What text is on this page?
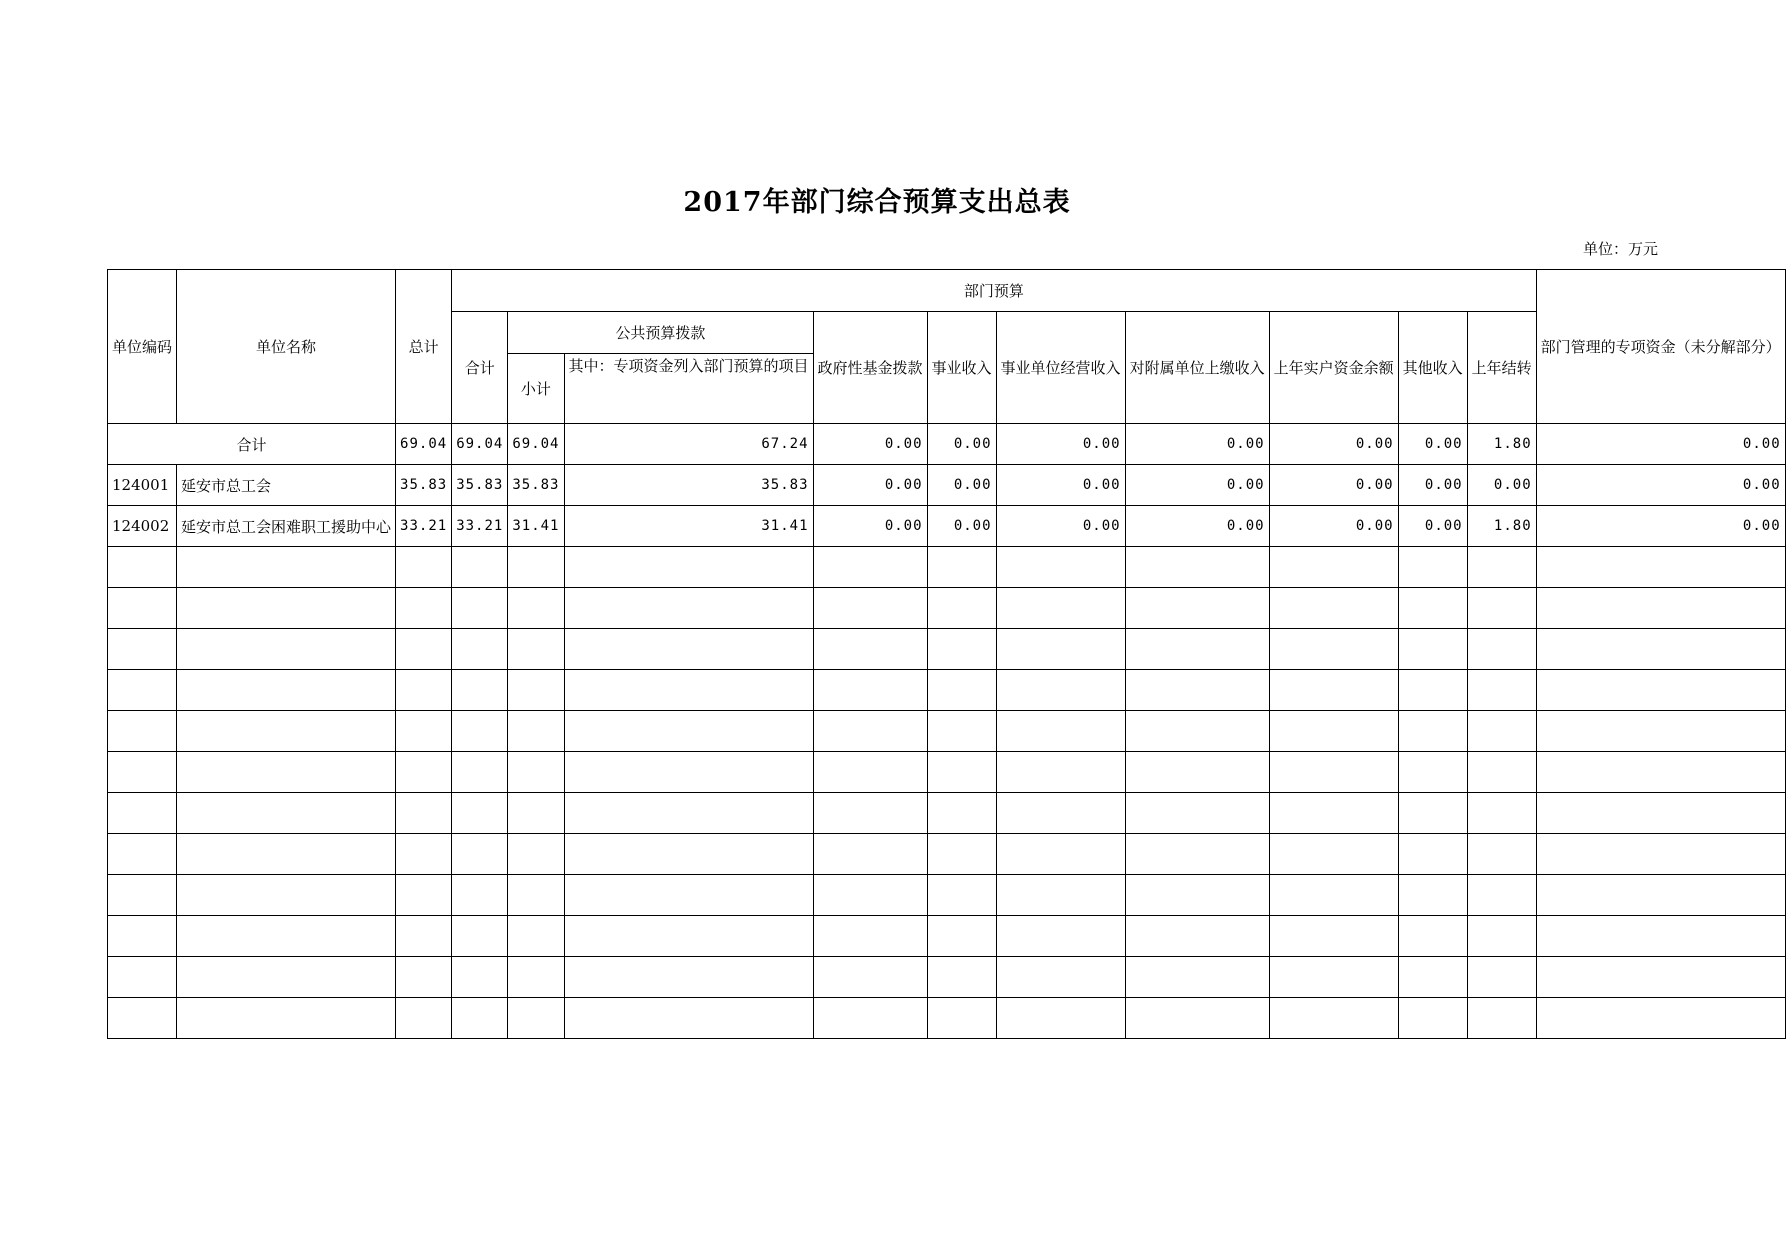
2017年部门综合预算支出总表
单位：万元
单位编码	单位名称	总计	部门预算										部门管理的专项资金（未分解部分）
			合计	公共预算拨款		政府性基金拨款	事业收入	事业单位经营收入	对附属单位上缴收入	上年实户资金余额	其他收入	上年结转	
				小计	其中：专项资金列入部门预算的项目								

合计		69.04	69.04	69.04	67.24	0.00	0.00	0.00	0.00	0.00	0.00	1.80	0.00
124001	延安市总工会	35.83	35.83	35.83	35.83	0.00	0.00	0.00	0.00	0.00	0.00	0.00	0.00
124002	延安市总工会困难职工援助中心	33.21	33.21	31.41	31.41	0.00	0.00	0.00	0.00	0.00	0.00	1.80	0.00
